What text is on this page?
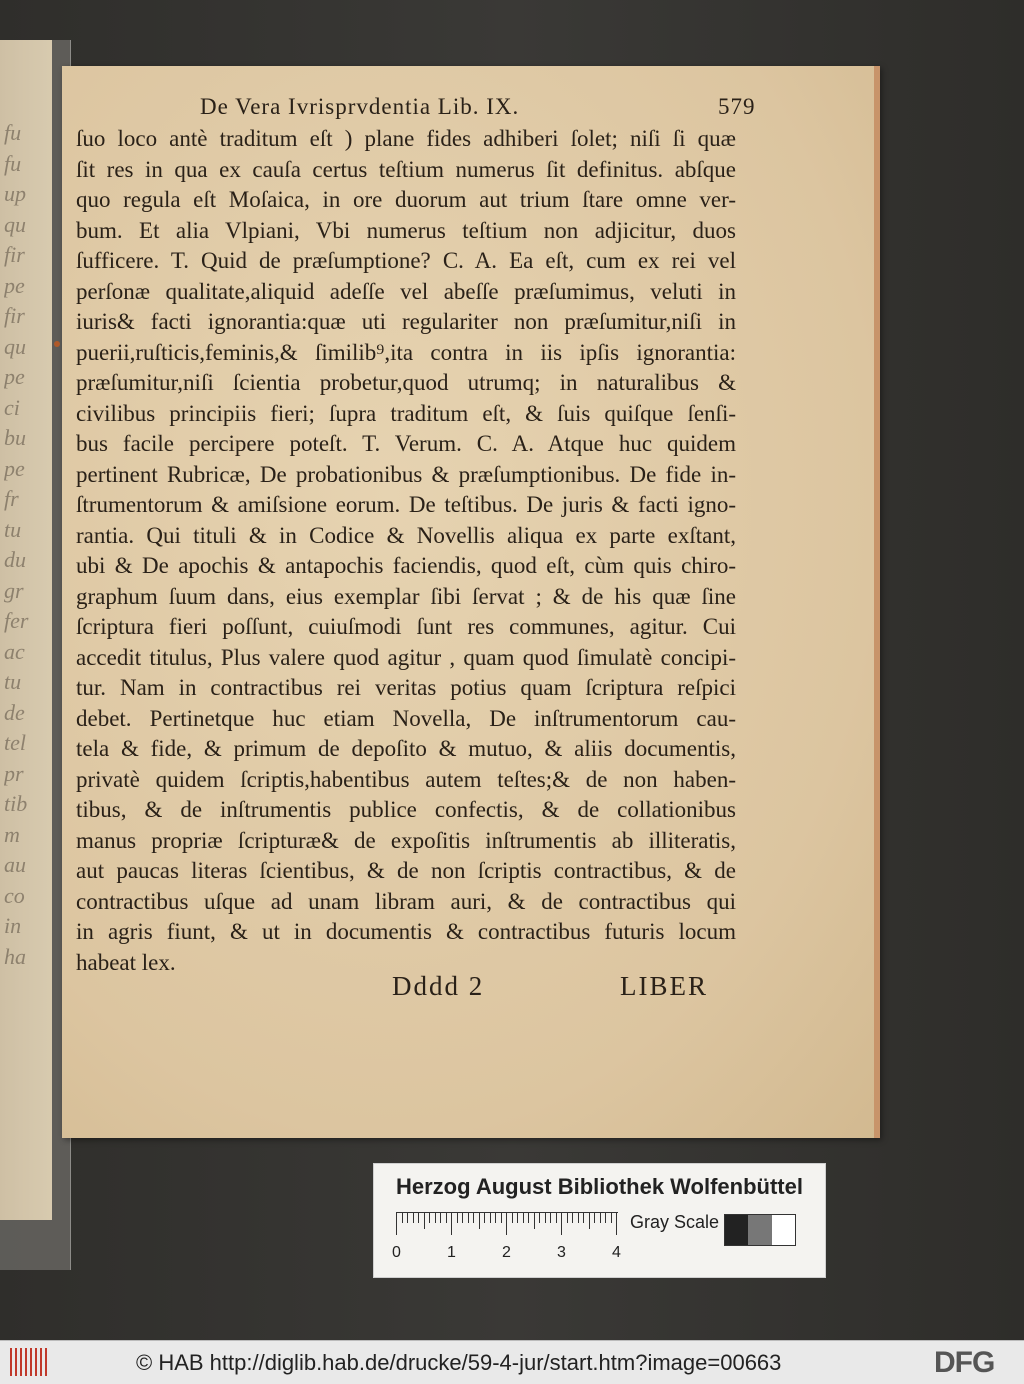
fu
fu
up
qu
fir
pe
fir
qu
pe
ci
bu
pe
fr
tu
du
gr
fer
ac
tu
de
tel
pr
tib
m
au
co
in
ha
De Vera Ivrisprvdentia Lib. IX.	579
ſuo loco antè traditum eſt ) plane fides adhiberi ſolet; niſi ſi quæ
ſit res in qua ex cauſa certus teſtium numerus ſit definitus. abſque
quo regula eſt Moſaica, in ore duorum aut trium ſtare omne ver-
bum. Et alia Vlpiani, Vbi numerus teſtium non adjicitur, duos
ſufficere. T. Quid de præſumptione? C. A. Ea eſt, cum ex rei vel
perſonæ qualitate,aliquid adeſſe vel abeſſe præſumimus, veluti in
iuris& facti ignorantia:quæ uti regulariter non præſumitur,niſi in
puerii,ruſticis,feminis,& ſimilib⁹,ita contra in iis ipſis ignorantia:
præſumitur,niſi ſcientia probetur,quod utrumq; in naturalibus &
civilibus principiis fieri; ſupra traditum eſt, & ſuis quiſque ſenſi-
bus facile percipere poteſt. T. Verum. C. A. Atque huc quidem
pertinent Rubricæ, De probationibus & præſumptionibus. De fide in-
ſtrumentorum & amiſsione eorum. De teſtibus. De juris & facti igno-
rantia. Qui tituli & in Codice & Novellis aliqua ex parte exſtant,
ubi & De apochis & antapochis faciendis, quod eſt, cùm quis chiro-
graphum ſuum dans, eius exemplar ſibi ſervat ; & de his quæ ſine
ſcriptura fieri poſſunt, cuiuſmodi ſunt res communes, agitur. Cui
accedit titulus, Plus valere quod agitur , quam quod ſimulatè concipi-
tur. Nam in contractibus rei veritas potius quam ſcriptura reſpici
debet. Pertinetque huc etiam Novella, De inſtrumentorum cau-
tela & fide, & primum de depoſito & mutuo, & aliis documentis,
privatè quidem ſcriptis,habentibus autem teſtes;& de non haben-
tibus, & de inſtrumentis publice confectis, & de collationibus
manus propriæ ſcripturæ& de expoſitis inſtrumentis ab illiteratis,
aut paucas literas ſcientibus, & de non ſcriptis contractibus, & de
contractibus uſque ad unam libram auri, & de contractibus qui
in agris fiunt, & ut in documentis & contractibus futuris locum
habeat lex.
Dddd 2	LIBER
Herzog August Bibliothek Wolfenbüttel
0	1	2	3	4
Gray Scale
© HAB http://diglib.hab.de/drucke/59-4-jur/start.htm?image=00663	DFG
